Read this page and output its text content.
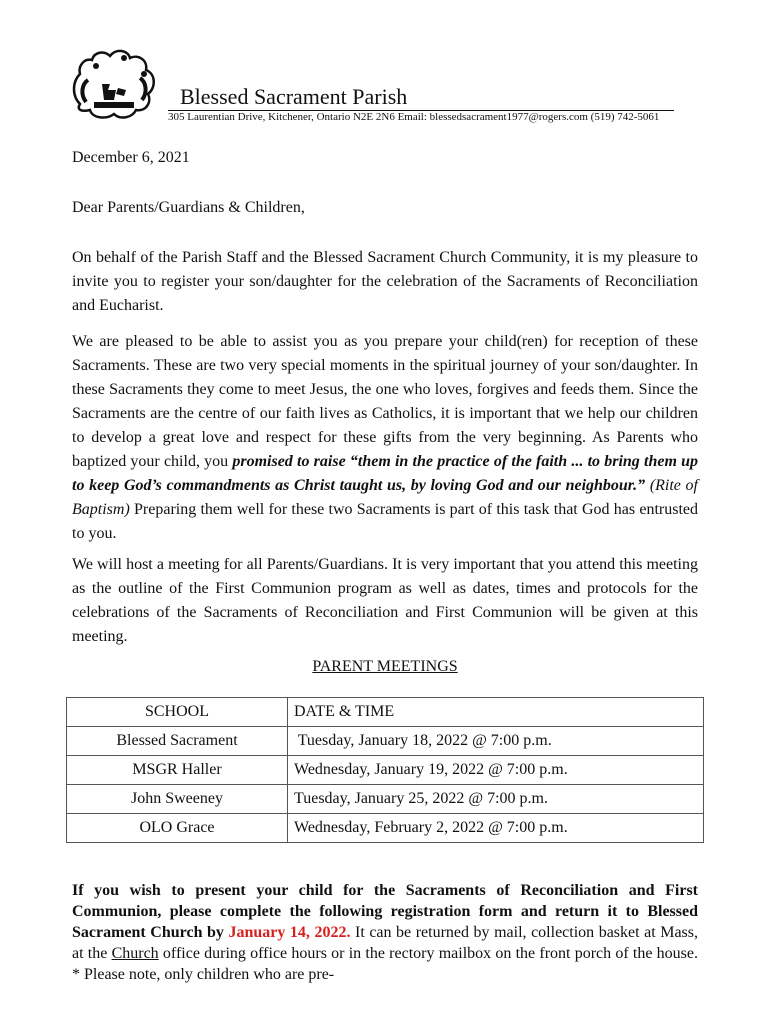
Blessed Sacrament Parish
305 Laurentian Drive, Kitchener, Ontario N2E 2N6 Email: blessedsacrament1977@rogers.com (519) 742-5061

December 6, 2021

Dear Parents/Guardians & Children,

On behalf of the Parish Staff and the Blessed Sacrament Church Community, it is my pleasure to invite you to register your son/daughter for the celebration of the Sacraments of Reconciliation and Eucharist.

We are pleased to be able to assist you as you prepare your child(ren) for reception of these Sacraments. These are two very special moments in the spiritual journey of your son/daughter. In these Sacraments they come to meet Jesus, the one who loves, forgives and feeds them. Since the Sacraments are the centre of our faith lives as Catholics, it is important that we help our children to develop a great love and respect for these gifts from the very beginning. As Parents who baptized your child, you promised to raise “them in the practice of the faith ... to bring them up to keep God’s commandments as Christ taught us, by loving God and our neighbour.” (Rite of Baptism) Preparing them well for these two Sacraments is part of this task that God has entrusted to you.

We will host a meeting for all Parents/Guardians. It is very important that you attend this meeting as the outline of the First Communion program as well as dates, times and protocols for the celebrations of the Sacraments of Reconciliation and First Communion will be given at this meeting.

PARENT MEETINGS
SCHOOL	DATE & TIME
Blessed Sacrament	Tuesday, January 18, 2022 @ 7:00 p.m.
MSGR Haller	Wednesday, January 19, 2022 @ 7:00 p.m.
John Sweeney	Tuesday, January 25, 2022 @ 7:00 p.m.
OLO Grace	Wednesday, February 2, 2022 @ 7:00 p.m.

If you wish to present your child for the Sacraments of Reconciliation and First Communion, please complete the following registration form and return it to Blessed Sacrament Church by January 14, 2022. It can be returned by mail, collection basket at Mass, at the Church office during office hours or in the rectory mailbox on the front porch of the house. * Please note, only children who are pre-
